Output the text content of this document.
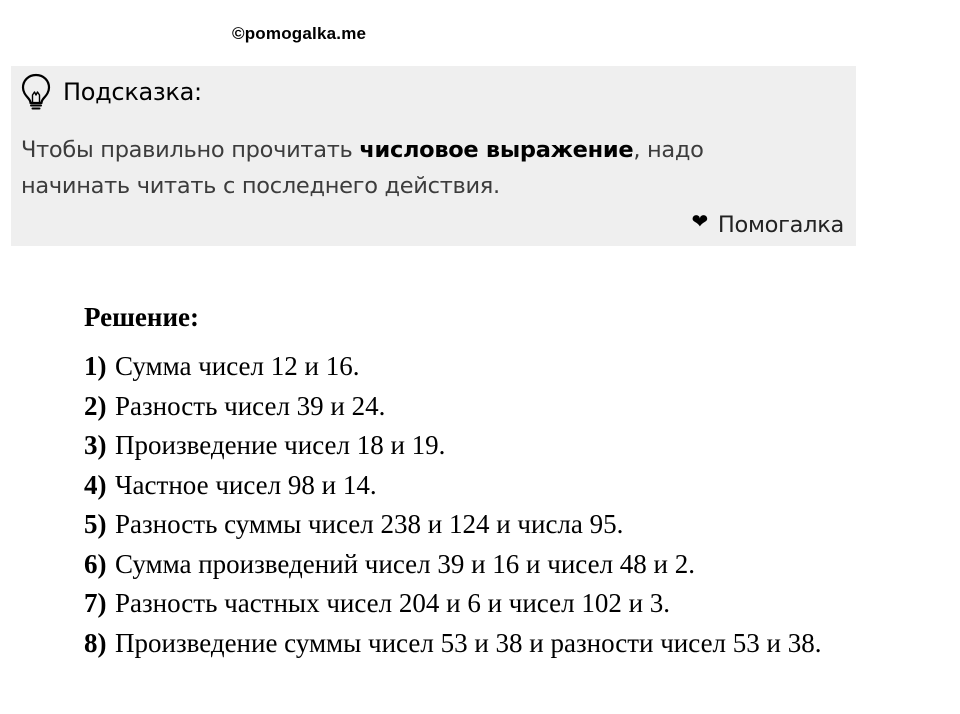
©pomogalka.me
Подсказка:
Чтобы правильно прочитать числовое выражение, надо начинать читать с последнего действия.
❤ Помогалка
Решение:
1) Сумма чисел 12 и 16.
2) Разность чисел 39 и 24.
3) Произведение чисел 18 и 19.
4) Частное чисел 98 и 14.
5) Разность суммы чисел 238 и 124 и числа 95.
6) Сумма произведений чисел 39 и 16 и чисел 48 и 2.
7) Разность частных чисел 204 и 6 и чисел 102 и 3.
8) Произведение суммы чисел 53 и 38 и разности чисел 53 и 38.
